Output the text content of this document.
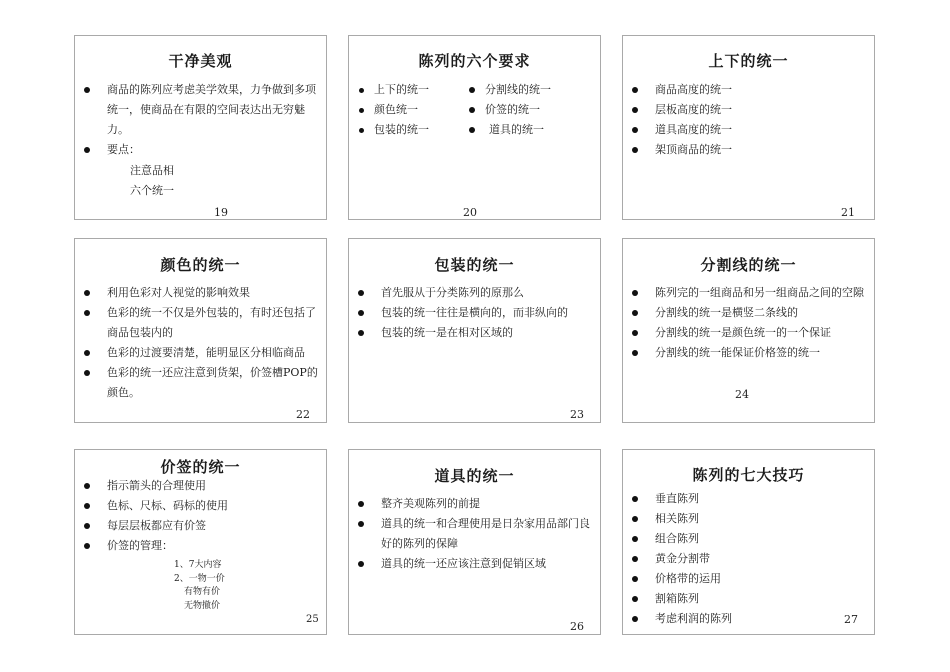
干净美观
商品的陈列应考虑美学效果，力争做到多项统一，使商品在有限的空间表达出无穷魅力。
要点：
注意品相
六个统一
19
陈列的六个要求
上下的统一
颜色统一
包装的统一
分割线的统一
价签的统一
道具的统一
20
上下的统一
商品高度的统一
层板高度的统一
道具高度的统一
架顶商品的统一
21
颜色的统一
利用色彩对人视觉的影响效果
色彩的统一不仅是外包装的，有时还包括了商品包装内的
色彩的过渡要清楚，能明显区分相临商品
色彩的统一还应注意到货架，价签槽POP的颜色。
22
包装的统一
首先服从于分类陈列的原那么
包装的统一往往是横向的，而非纵向的
包装的统一是在相对区域的
23
分割线的统一
陈列完的一组商品和另一组商品之间的空隙
分割线的统一是横竖二条线的
分割线的统一是颜色统一的一个保证
分割线的统一能保证价格签的统一
24
价签的统一
指示箭头的合理使用
色标、尺标、码标的使用
每层层板都应有价签
价签的管理：
1、7大内容
2、一物一价
有物有价
无物撤价
25
道具的统一
整齐美观陈列的前提
道具的统一和合理使用是日杂家用品部门良好的陈列的保障
道具的统一还应该注意到促销区域
26
陈列的七大技巧
垂直陈列
相关陈列
组合陈列
黄金分割带
价格带的运用
割箱陈列
考虑利润的陈列	27
